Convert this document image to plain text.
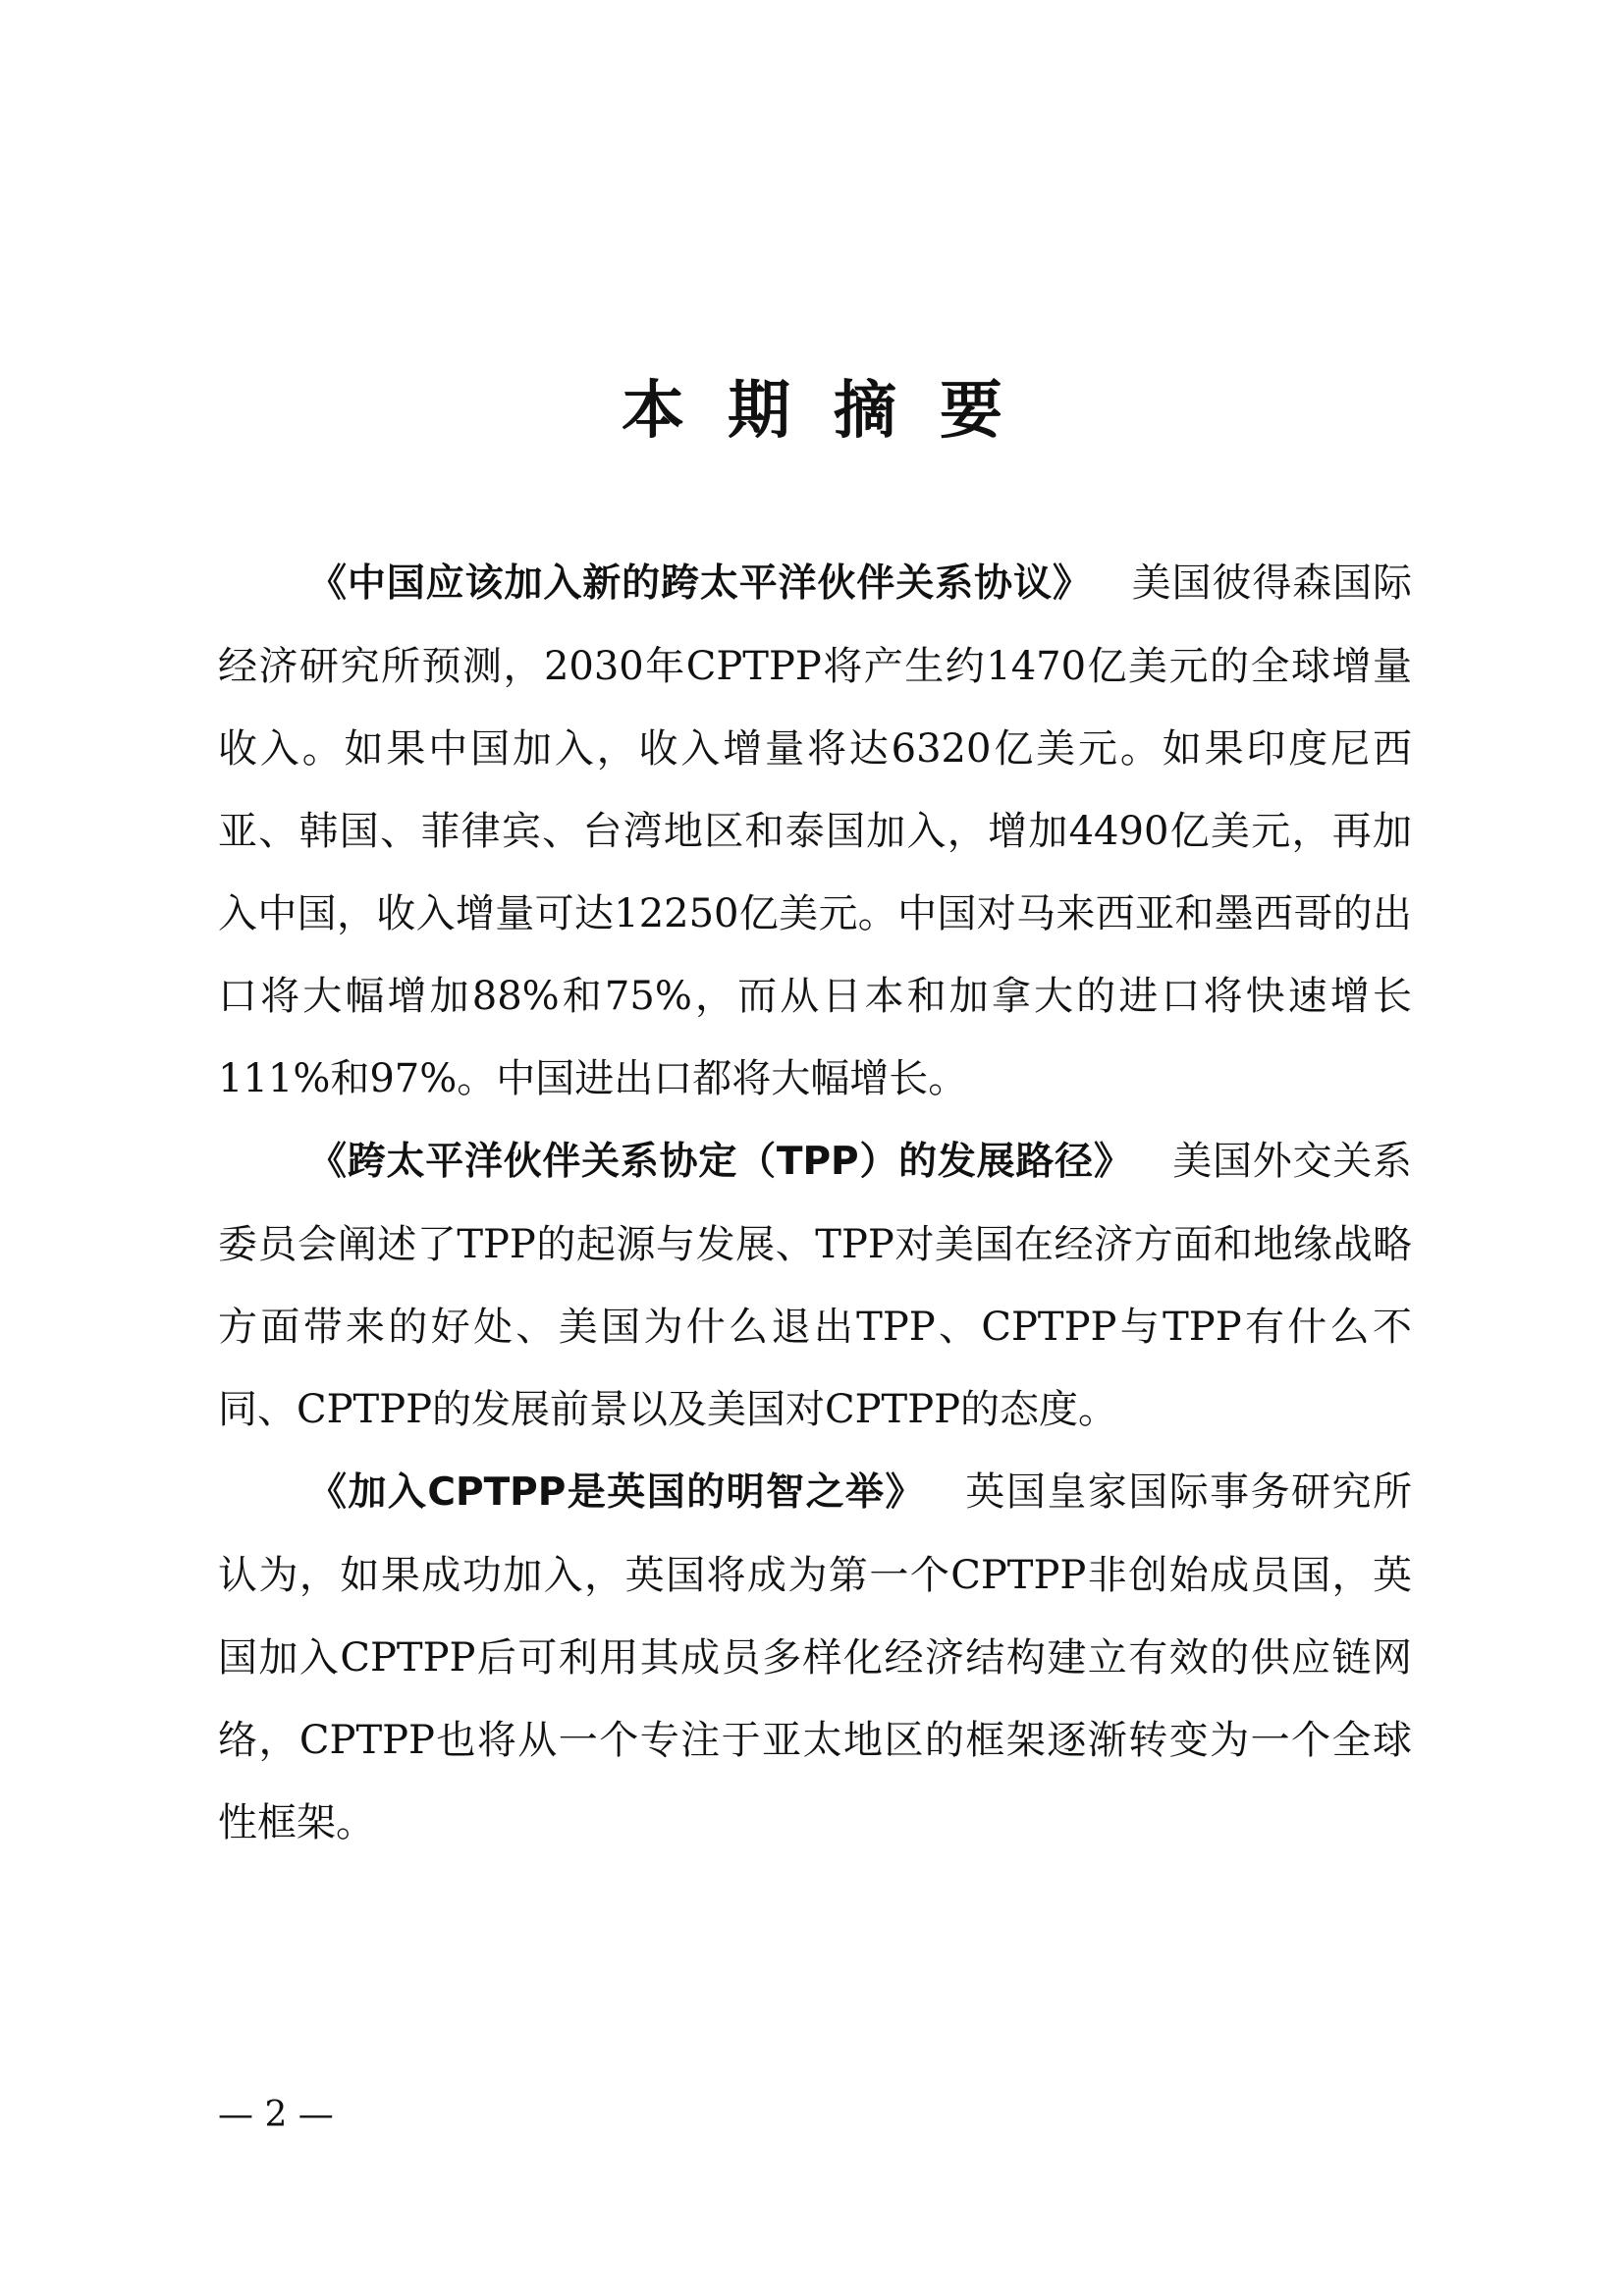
本期摘要

《中国应该加入新的跨太平洋伙伴关系协议》 美国彼得森国际经济研究所预测，2030年CPTPP将产生约1470亿美元的全球增量收入。如果中国加入，收入增量将达6320亿美元。如果印度尼西亚、韩国、菲律宾、台湾地区和泰国加入，增加4490亿美元，再加入中国，收入增量可达12250亿美元。中国对马来西亚和墨西哥的出口将大幅增加88%和75%，而从日本和加拿大的进口将快速增长111%和97%。中国进出口都将大幅增长。

《跨太平洋伙伴关系协定（TPP）的发展路径》 美国外交关系委员会阐述了TPP的起源与发展、TPP对美国在经济方面和地缘战略方面带来的好处、美国为什么退出TPP、CPTPP与TPP有什么不同、CPTPP的发展前景以及美国对CPTPP的态度。

《加入CPTPP是英国的明智之举》 英国皇家国际事务研究所认为，如果成功加入，英国将成为第一个CPTPP非创始成员国，英国加入CPTPP后可利用其成员多样化经济结构建立有效的供应链网络，CPTPP也将从一个专注于亚太地区的框架逐渐转变为一个全球性框架。

— 2 —
